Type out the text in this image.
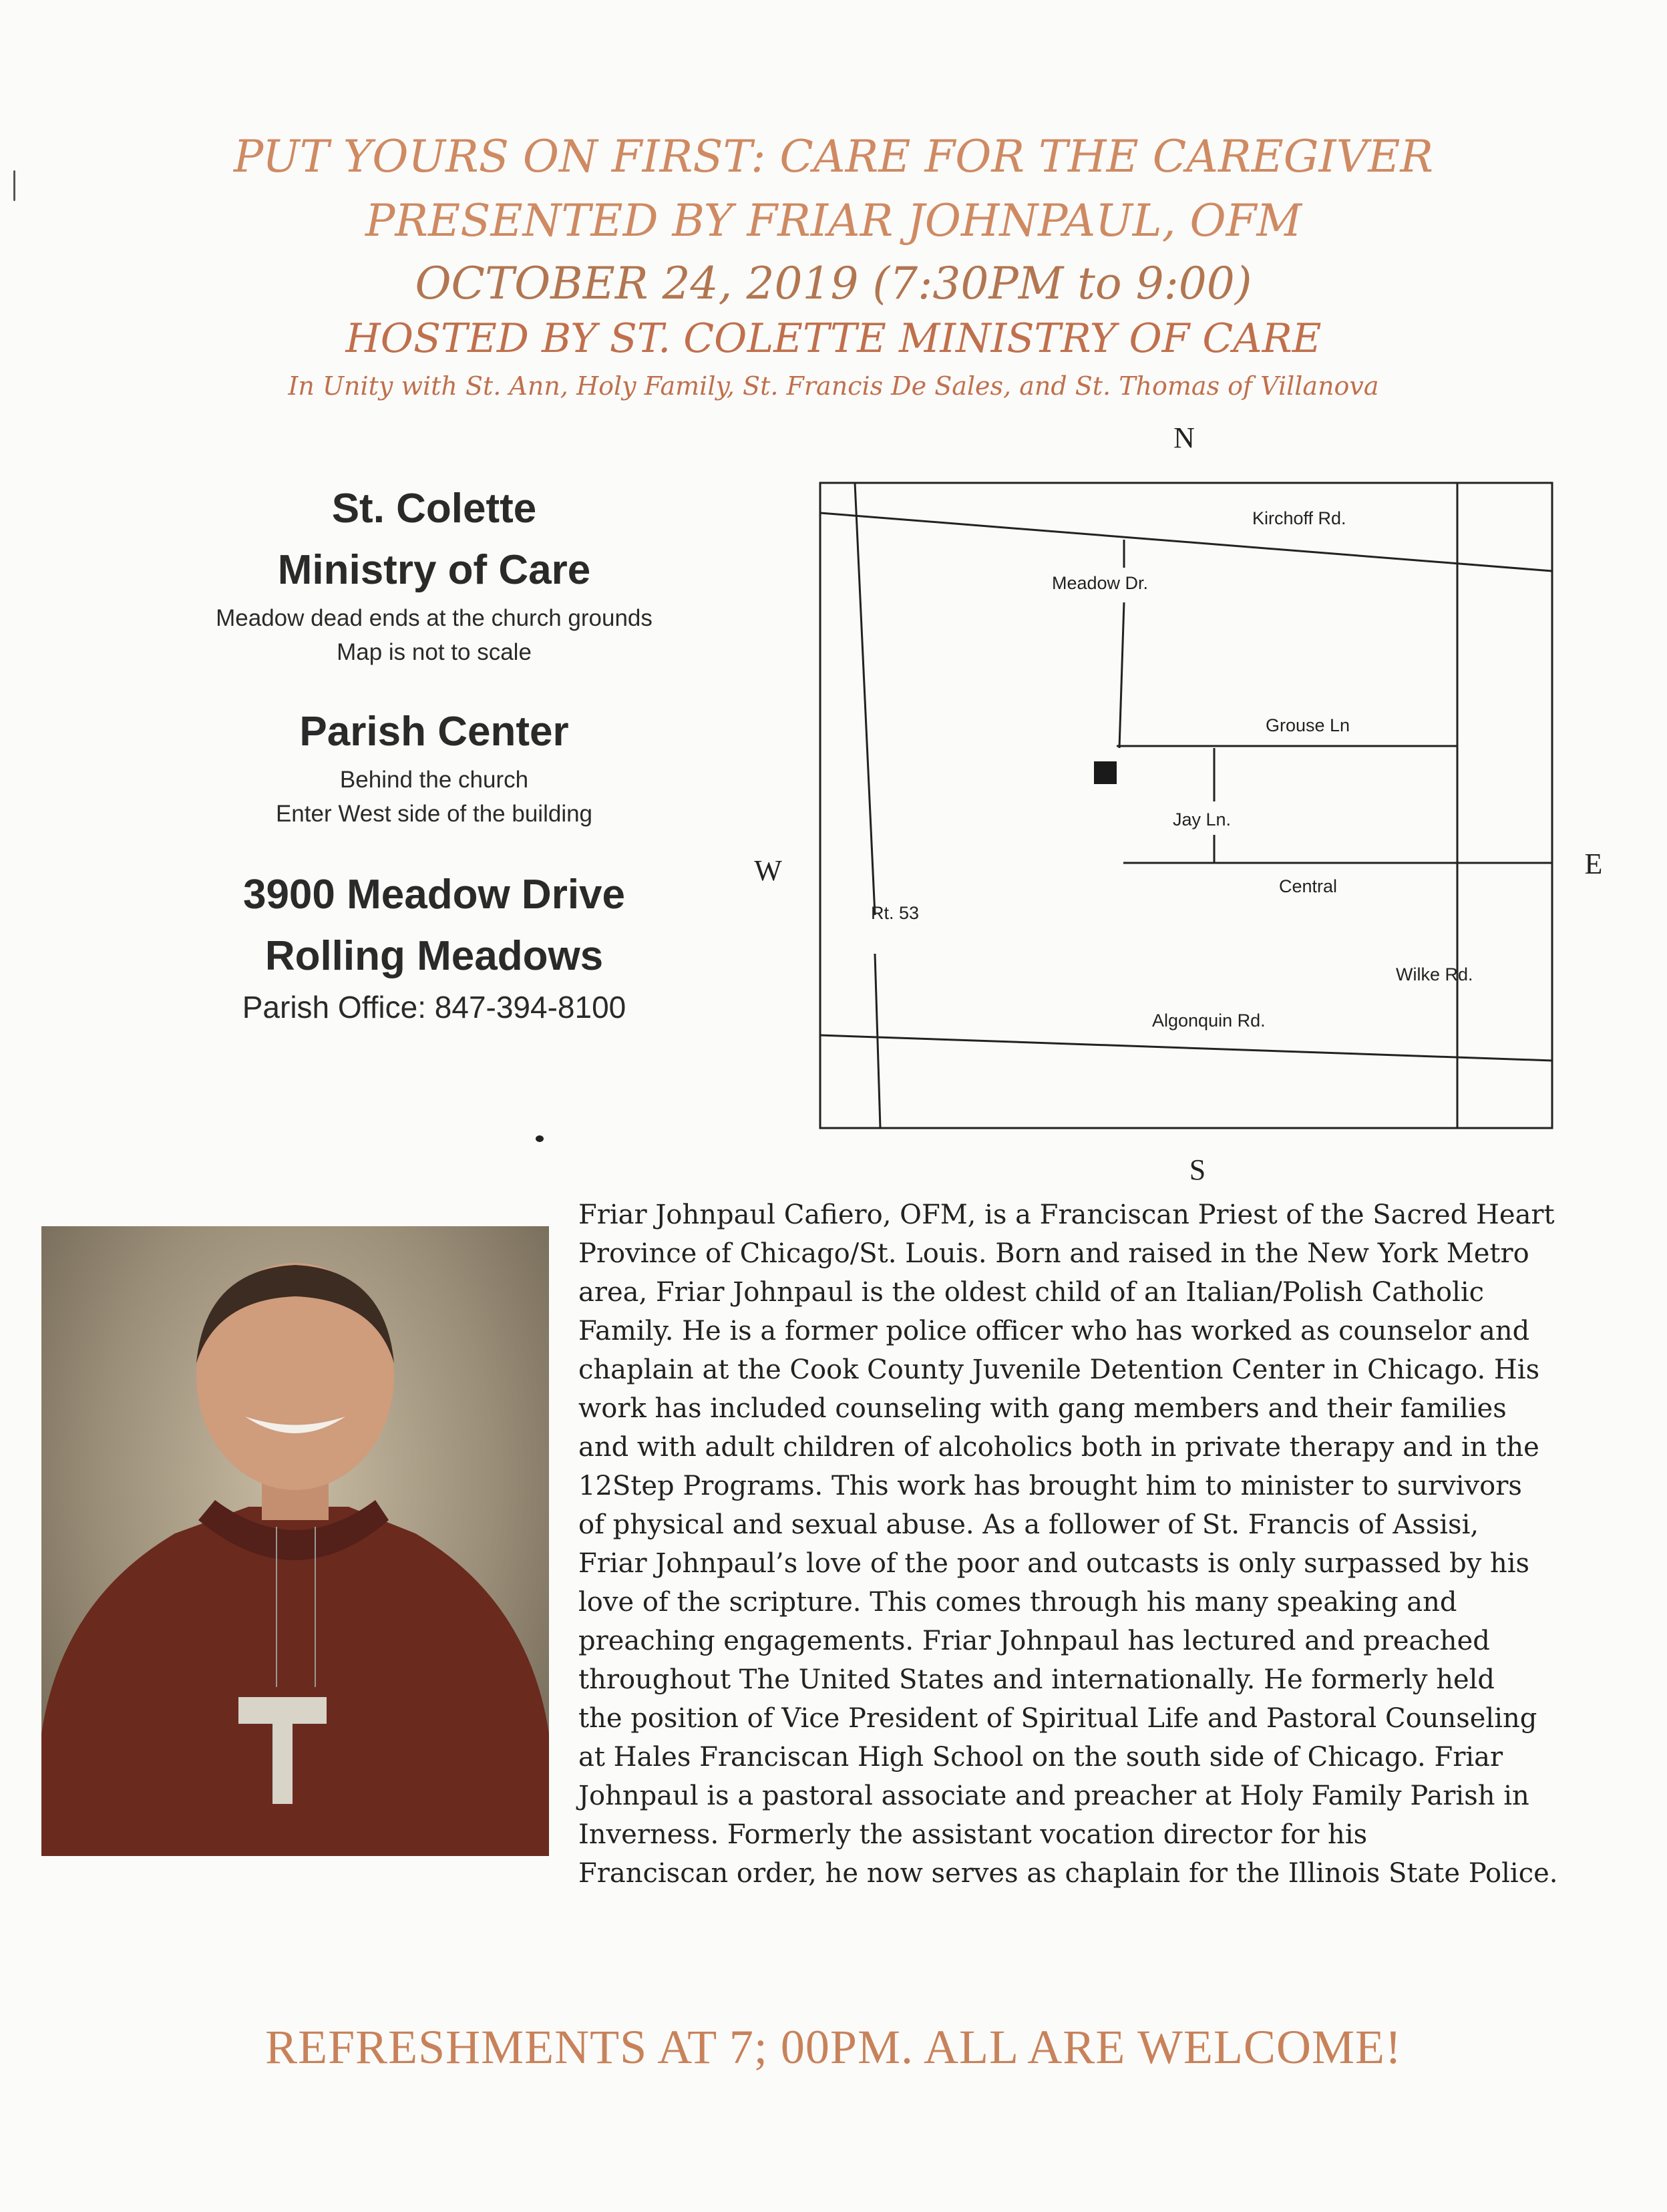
PUT YOURS ON FIRST: CARE FOR THE CAREGIVER
PRESENTED BY FRIAR JOHNPAUL, OFM
OCTOBER 24, 2019 (7:30PM to 9:00)
HOSTED BY ST. COLETTE MINISTRY OF CARE
In Unity with St. Ann, Holy Family, St. Francis De Sales, and St. Thomas of Villanova

St. Colette

Ministry of Care

Meadow dead ends at the church grounds

Map is not to scale

Parish Center

Behind the church

Enter West side of the building

3900 Meadow Drive

Rolling Meadows

Parish Office: 847-394-8100

N
S
W	E
Kirchoff Rd.
Meadow Dr.
Grouse Ln
Jay Ln.
Central
Rt. 53
Wilke Rd.
Algonquin Rd.
Friar Johnpaul Cafiero, OFM, is a Franciscan Priest of the Sacred Heart
Province of Chicago/St. Louis. Born and raised in the New York Metro
area, Friar Johnpaul is the oldest child of an Italian/Polish Catholic
Family. He is a former police officer who has worked as counselor and
chaplain at the Cook County Juvenile Detention Center in Chicago. His
work has included counseling with gang members and their families
and with adult children of alcoholics both in private therapy and in the
12Step Programs. This work has brought him to minister to survivors
of physical and sexual abuse. As a follower of St. Francis of Assisi,
Friar Johnpaul’s love of the poor and outcasts is only surpassed by his
love of the scripture. This comes through his many speaking and
preaching engagements. Friar Johnpaul has lectured and preached
throughout The United States and internationally. He formerly held
the position of Vice President of Spiritual Life and Pastoral Counseling
at Hales Franciscan High School on the south side of Chicago. Friar
Johnpaul is a pastoral associate and preacher at Holy Family Parish in
Inverness. Formerly the assistant vocation director for his
Franciscan order, he now serves as chaplain for the Illinois State Police.
REFRESHMENTS AT 7; 00PM. ALL ARE WELCOME!
